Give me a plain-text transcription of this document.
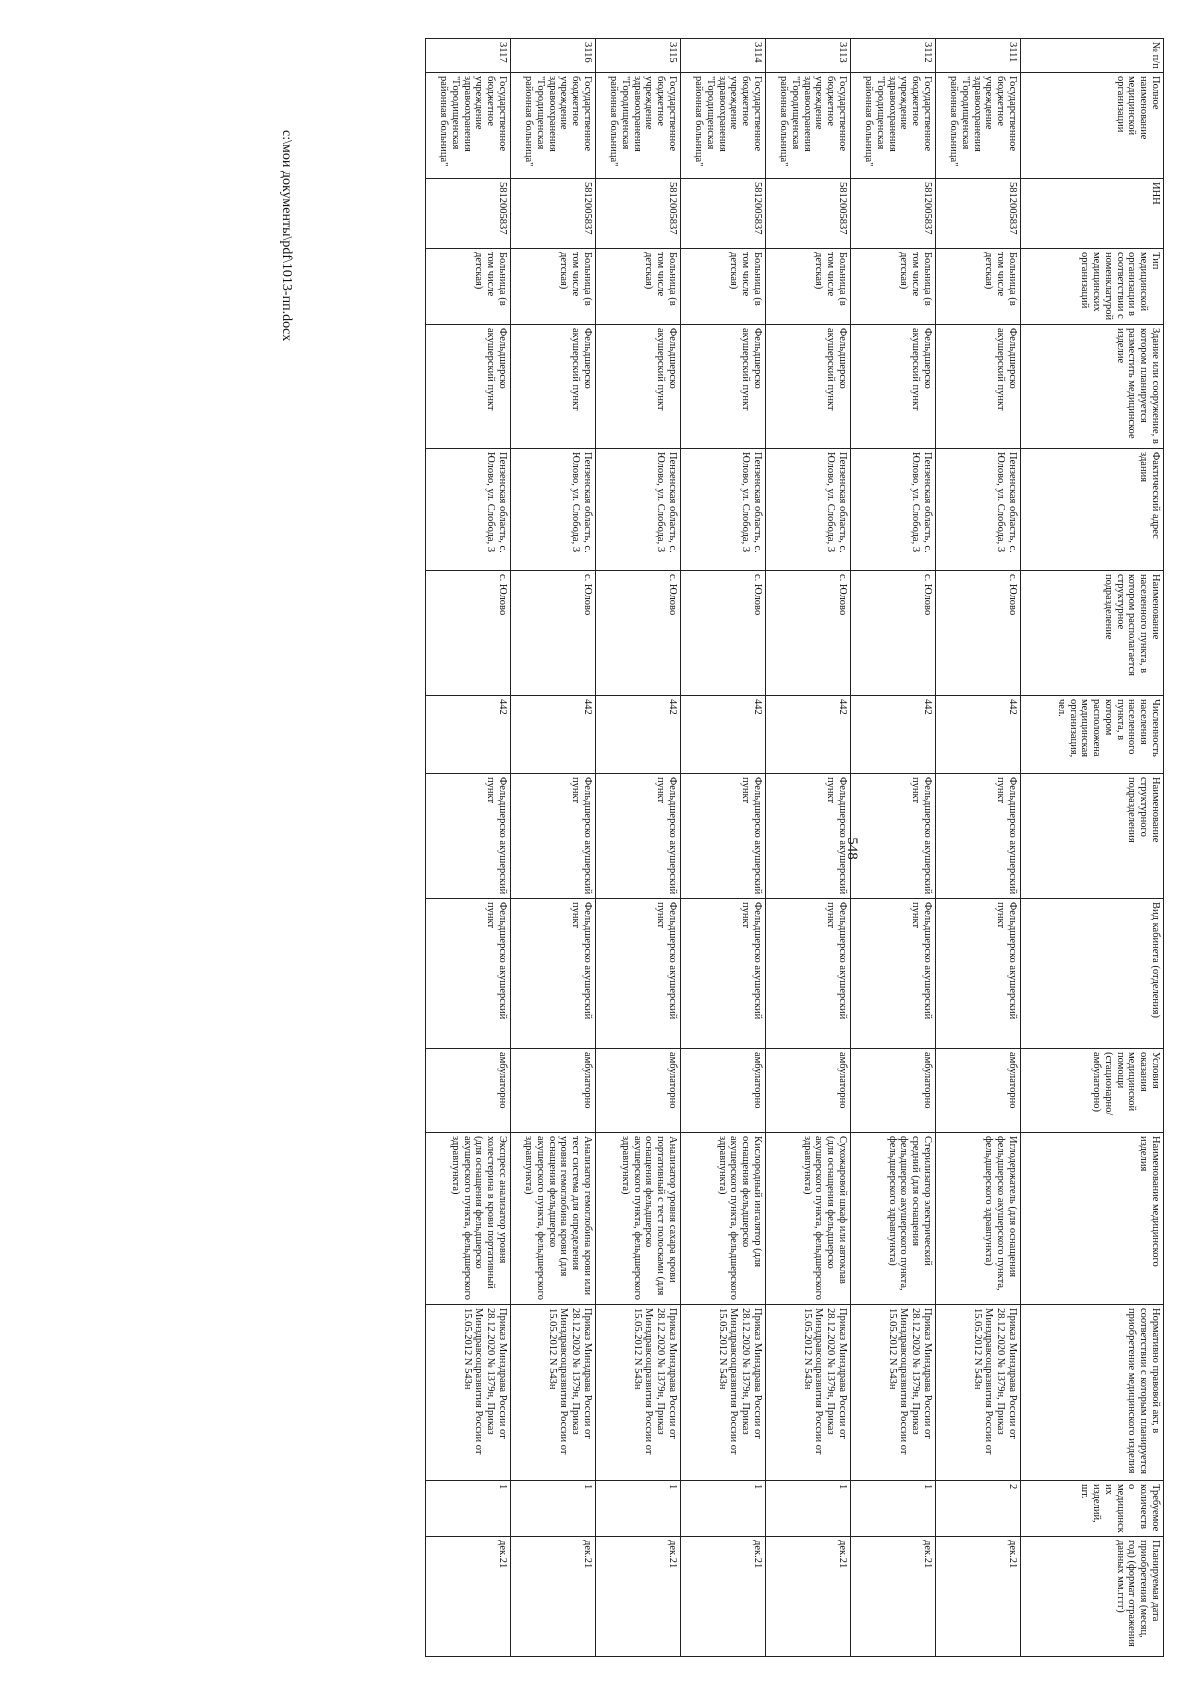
548
№ п/п	Полное наименование медицинской организации	ИНН	Тип медицинской организации в соответствии с номенклатурой медицинских организаций	Здание или сооружение, в котором планируется разместить медицинское изделие	Фактический адрес здания	Наименование населенного пункта, в котором располагается структурное подразделение	Численность населения населенного пункта, в котором расположена медицинская организация, чел.	Наименование структурного подразделения	Вид кабинета (отделения)	Условия оказания медицинской помощи (стационарно/ амбулаторно)	Наименование медицинского изделия	Нормативно правовой акт, в соответствии с которым планируется приобретение медицинского изделия	Требуемое количество медицинских изделий, шт.	Планируемая дата приобретения (месяц, год) (формат отражения данных мм.гггг)
3111	Государственное бюджетное учреждение здравоохранения "Городищенская районная больница"	5812005837	Больница (в том числе детская)	Фельдшерско акушерский пункт	Пензенская область, с. Юлово, ул. Слобода, 3	с. Юлово	442	Фельдшерско акушерский пункт	Фельдшерско акушерский пункт	амбулаторно	Иглодержатель (для оснащения фельдшерско акушерского пункта, фельдшерского здравпункта)	Приказ Минздрава России от 28.12.2020 № 1379н, Приказ Минздравсоцразвития России от 15.05.2012 N 543н	2	дек.21
3112	Государственное бюджетное учреждение здравоохранения "Городищенская районная больница"	5812005837	Больница (в том числе детская)	Фельдшерско акушерский пункт	Пензенская область, с. Юлово, ул. Слобода, 3	с. Юлово	442	Фельдшерско акушерский пункт	Фельдшерско акушерский пункт	амбулаторно	Стерилизатор электрический средний (для оснащения фельдшерско акушерского пункта, фельдшерского здравпункта)	Приказ Минздрава России от 28.12.2020 № 1379н, Приказ Минздравсоцразвития России от 15.05.2012 N 543н	1	дек.21
3113	Государственное бюджетное учреждение здравоохранения "Городищенская районная больница"	5812005837	Больница (в том числе детская)	Фельдшерско акушерский пункт	Пензенская область, с. Юлово, ул. Слобода, 3	с. Юлово	442	Фельдшерско акушерский пункт	Фельдшерско акушерский пункт	амбулаторно	Сухожаровой шкаф или автоклав (для оснащения фельдшерско акушерского пункта, фельдшерского здравпункта)	Приказ Минздрава России от 28.12.2020 № 1379н, Приказ Минздравсоцразвития России от 15.05.2012 N 543н	1	дек.21
3114	Государственное бюджетное учреждение здравоохранения "Городищенская районная больница"	5812005837	Больница (в том числе детская)	Фельдшерско акушерский пункт	Пензенская область, с. Юлово, ул. Слобода, 3	с. Юлово	442	Фельдшерско акушерский пункт	Фельдшерско акушерский пункт	амбулаторно	Кислородный ингалятор (для оснащения фельдшерско акушерского пункта, фельдшерского здравпункта)	Приказ Минздрава России от 28.12.2020 № 1379н, Приказ Минздравсоцразвития России от 15.05.2012 N 543н	1	дек.21
3115	Государственное бюджетное учреждение здравоохранения "Городищенская районная больница"	5812005837	Больница (в том числе детская)	Фельдшерско акушерский пункт	Пензенская область, с. Юлово, ул. Слобода, 3	с. Юлово	442	Фельдшерско акушерский пункт	Фельдшерско акушерский пункт	амбулаторно	Анализатор уровня сахара крови портативный с тест полосками (для оснащения фельдшерско акушерского пункта, фельдшерского здравпункта)	Приказ Минздрава России от 28.12.2020 № 1379н, Приказ Минздравсоцразвития России от 15.05.2012 N 543н	1	дек.21
3116	Государственное бюджетное учреждение здравоохранения "Городищенская районная больница"	5812005837	Больница (в том числе детская)	Фельдшерско акушерский пункт	Пензенская область, с. Юлово, ул. Слобода, 3	с. Юлово	442	Фельдшерско акушерский пункт	Фельдшерско акушерский пункт	амбулаторно	Анализатор гемоглобина крови или тест система для определения уровня гемоглобина крови (для оснащения фельдшерско акушерского пункта, фельдшерского здравпункта)	Приказ Минздрава России от 28.12.2020 № 1379н, Приказ Минздравсоцразвития России от 15.05.2012 N 543н	1	дек.21
3117	Государственное бюджетное учреждение здравоохранения "Городищенская районная больница"	5812005837	Больница (в том числе детская)	Фельдшерско акушерский пункт	Пензенская область, с. Юлово, ул. Слобода, 3	с. Юлово	442	Фельдшерско акушерский пункт	Фельдшерско акушерский пункт	амбулаторно	Экспресс анализатор уровня холестерина в крови портативный (для оснащения фельдшерско акушерского пункта, фельдшерского здравпункта)	Приказ Минздрава России от 28.12.2020 № 1379н, Приказ Минздравсоцразвития России от 15.05.2012 N 543н	1	дек.21
c:\мои документы\pdf\1013-пп.docx
